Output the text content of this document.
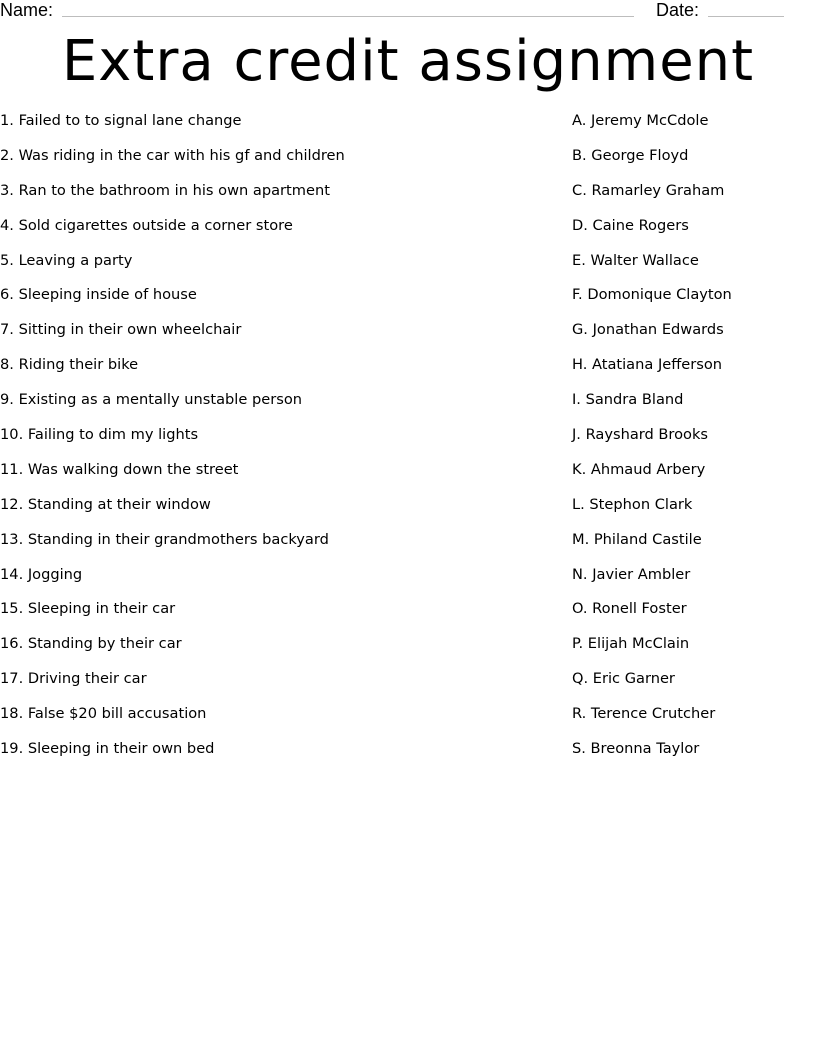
Name:	Date:
Extra credit assignment
1. Failed to to signal lane change
2. Was riding in the car with his gf and children
3. Ran to the bathroom in his own apartment
4. Sold cigarettes outside a corner store
5. Leaving a party
6. Sleeping inside of house
7. Sitting in their own wheelchair
8. Riding their bike
9. Existing as a mentally unstable person
10. Failing to dim my lights
11. Was walking down the street
12. Standing at their window
13. Standing in their grandmothers backyard
14. Jogging
15. Sleeping in their car
16. Standing by their car
17. Driving their car
18. False $20 bill accusation
19. Sleeping in their own bed
A. Jeremy McCdole
B. George Floyd
C. Ramarley Graham
D. Caine Rogers
E. Walter Wallace
F. Domonique Clayton
G. Jonathan Edwards
H. Atatiana Jefferson
I. Sandra Bland
J. Rayshard Brooks
K. Ahmaud Arbery
L. Stephon Clark
M. Philand Castile
N. Javier Ambler
O. Ronell Foster
P. Elijah McClain
Q. Eric Garner
R. Terence Crutcher
S. Breonna Taylor
